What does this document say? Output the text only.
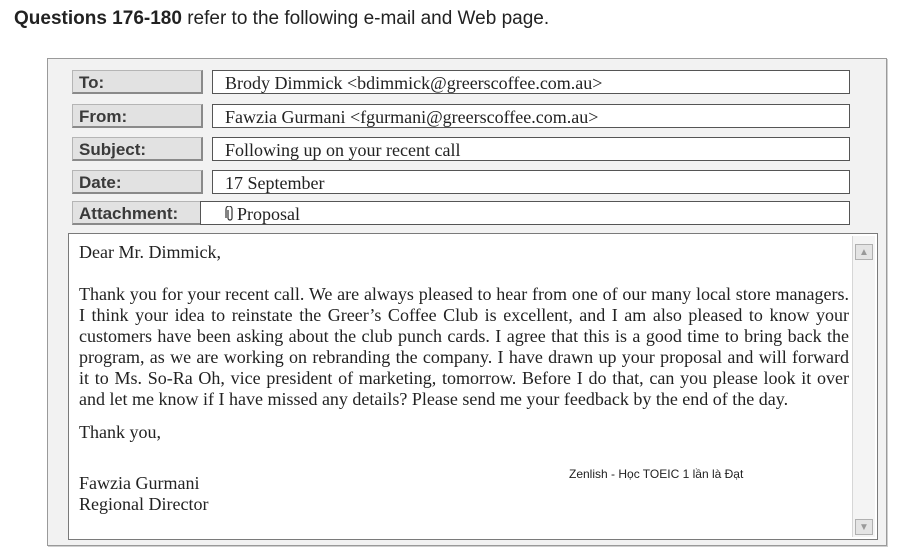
Questions 176-180 refer to the following e-mail and Web page.
To:	Brody Dimmick <bdimmick@greerscoffee.com.au>
From:	Fawzia Gurmani <fgurmani@greerscoffee.com.au>
Subject:	Following up on your recent call
Date:	17 September
Attachment:	Proposal

Dear Mr. Dimmick,

Thank you for your recent call. We are always pleased to hear from one of our many local store managers. I think your idea to reinstate the Greer’s Coffee Club is excellent, and I am also pleased to know your customers have been asking about the club punch cards. I agree that this is a good time to bring back the program, as we are working on rebranding the company. I have drawn up your proposal and will forward it to Ms. So-Ra Oh, vice president of marketing, tomorrow. Before I do that, can you please look it over and let me know if I have missed any details? Please send me your feedback by the end of the day.

Thank you,

Fawzia Gurmani

Regional Director

Zenlish - Học TOEIC 1 lần là Đạt
▲
▼
